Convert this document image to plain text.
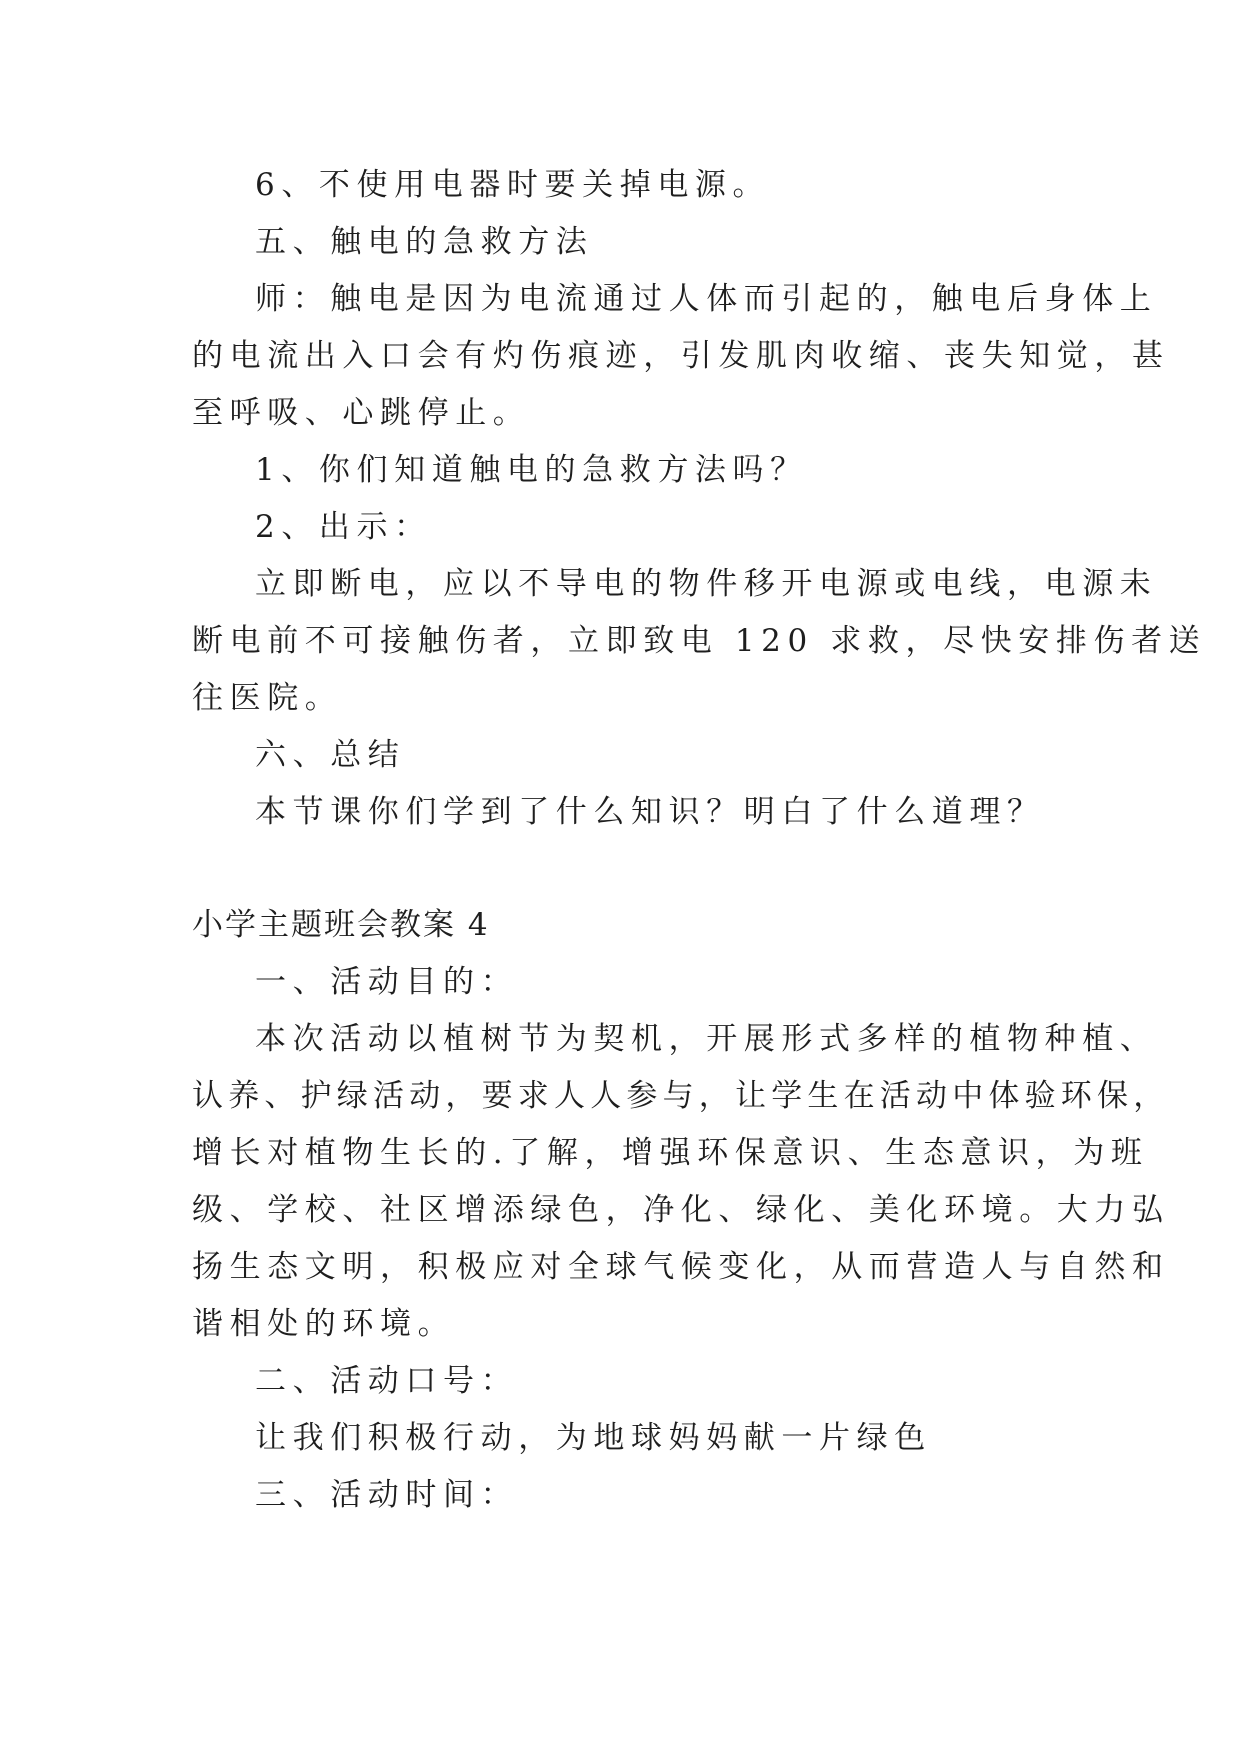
6、不使用电器时要关掉电源。

五、触电的急救方法

师：触电是因为电流通过人体而引起的，触电后身体上

的电流出入口会有灼伤痕迹，引发肌肉收缩、丧失知觉，甚

至呼吸、心跳停止。

1、你们知道触电的急救方法吗？

2、出示：

立即断电，应以不导电的物件移开电源或电线，电源未

断电前不可接触伤者，立即致电 120 求救，尽快安排伤者送

往医院。

六、总结

本节课你们学到了什么知识？明白了什么道理？

小学主题班会教案 4

一、活动目的：

本次活动以植树节为契机，开展形式多样的植物种植、

认养、护绿活动，要求人人参与，让学生在活动中体验环保，

增长对植物生长的.了解，增强环保意识、生态意识，为班

级、学校、社区增添绿色，净化、绿化、美化环境。大力弘

扬生态文明，积极应对全球气候变化，从而营造人与自然和

谐相处的环境。

二、活动口号：

让我们积极行动，为地球妈妈献一片绿色

三、活动时间：
